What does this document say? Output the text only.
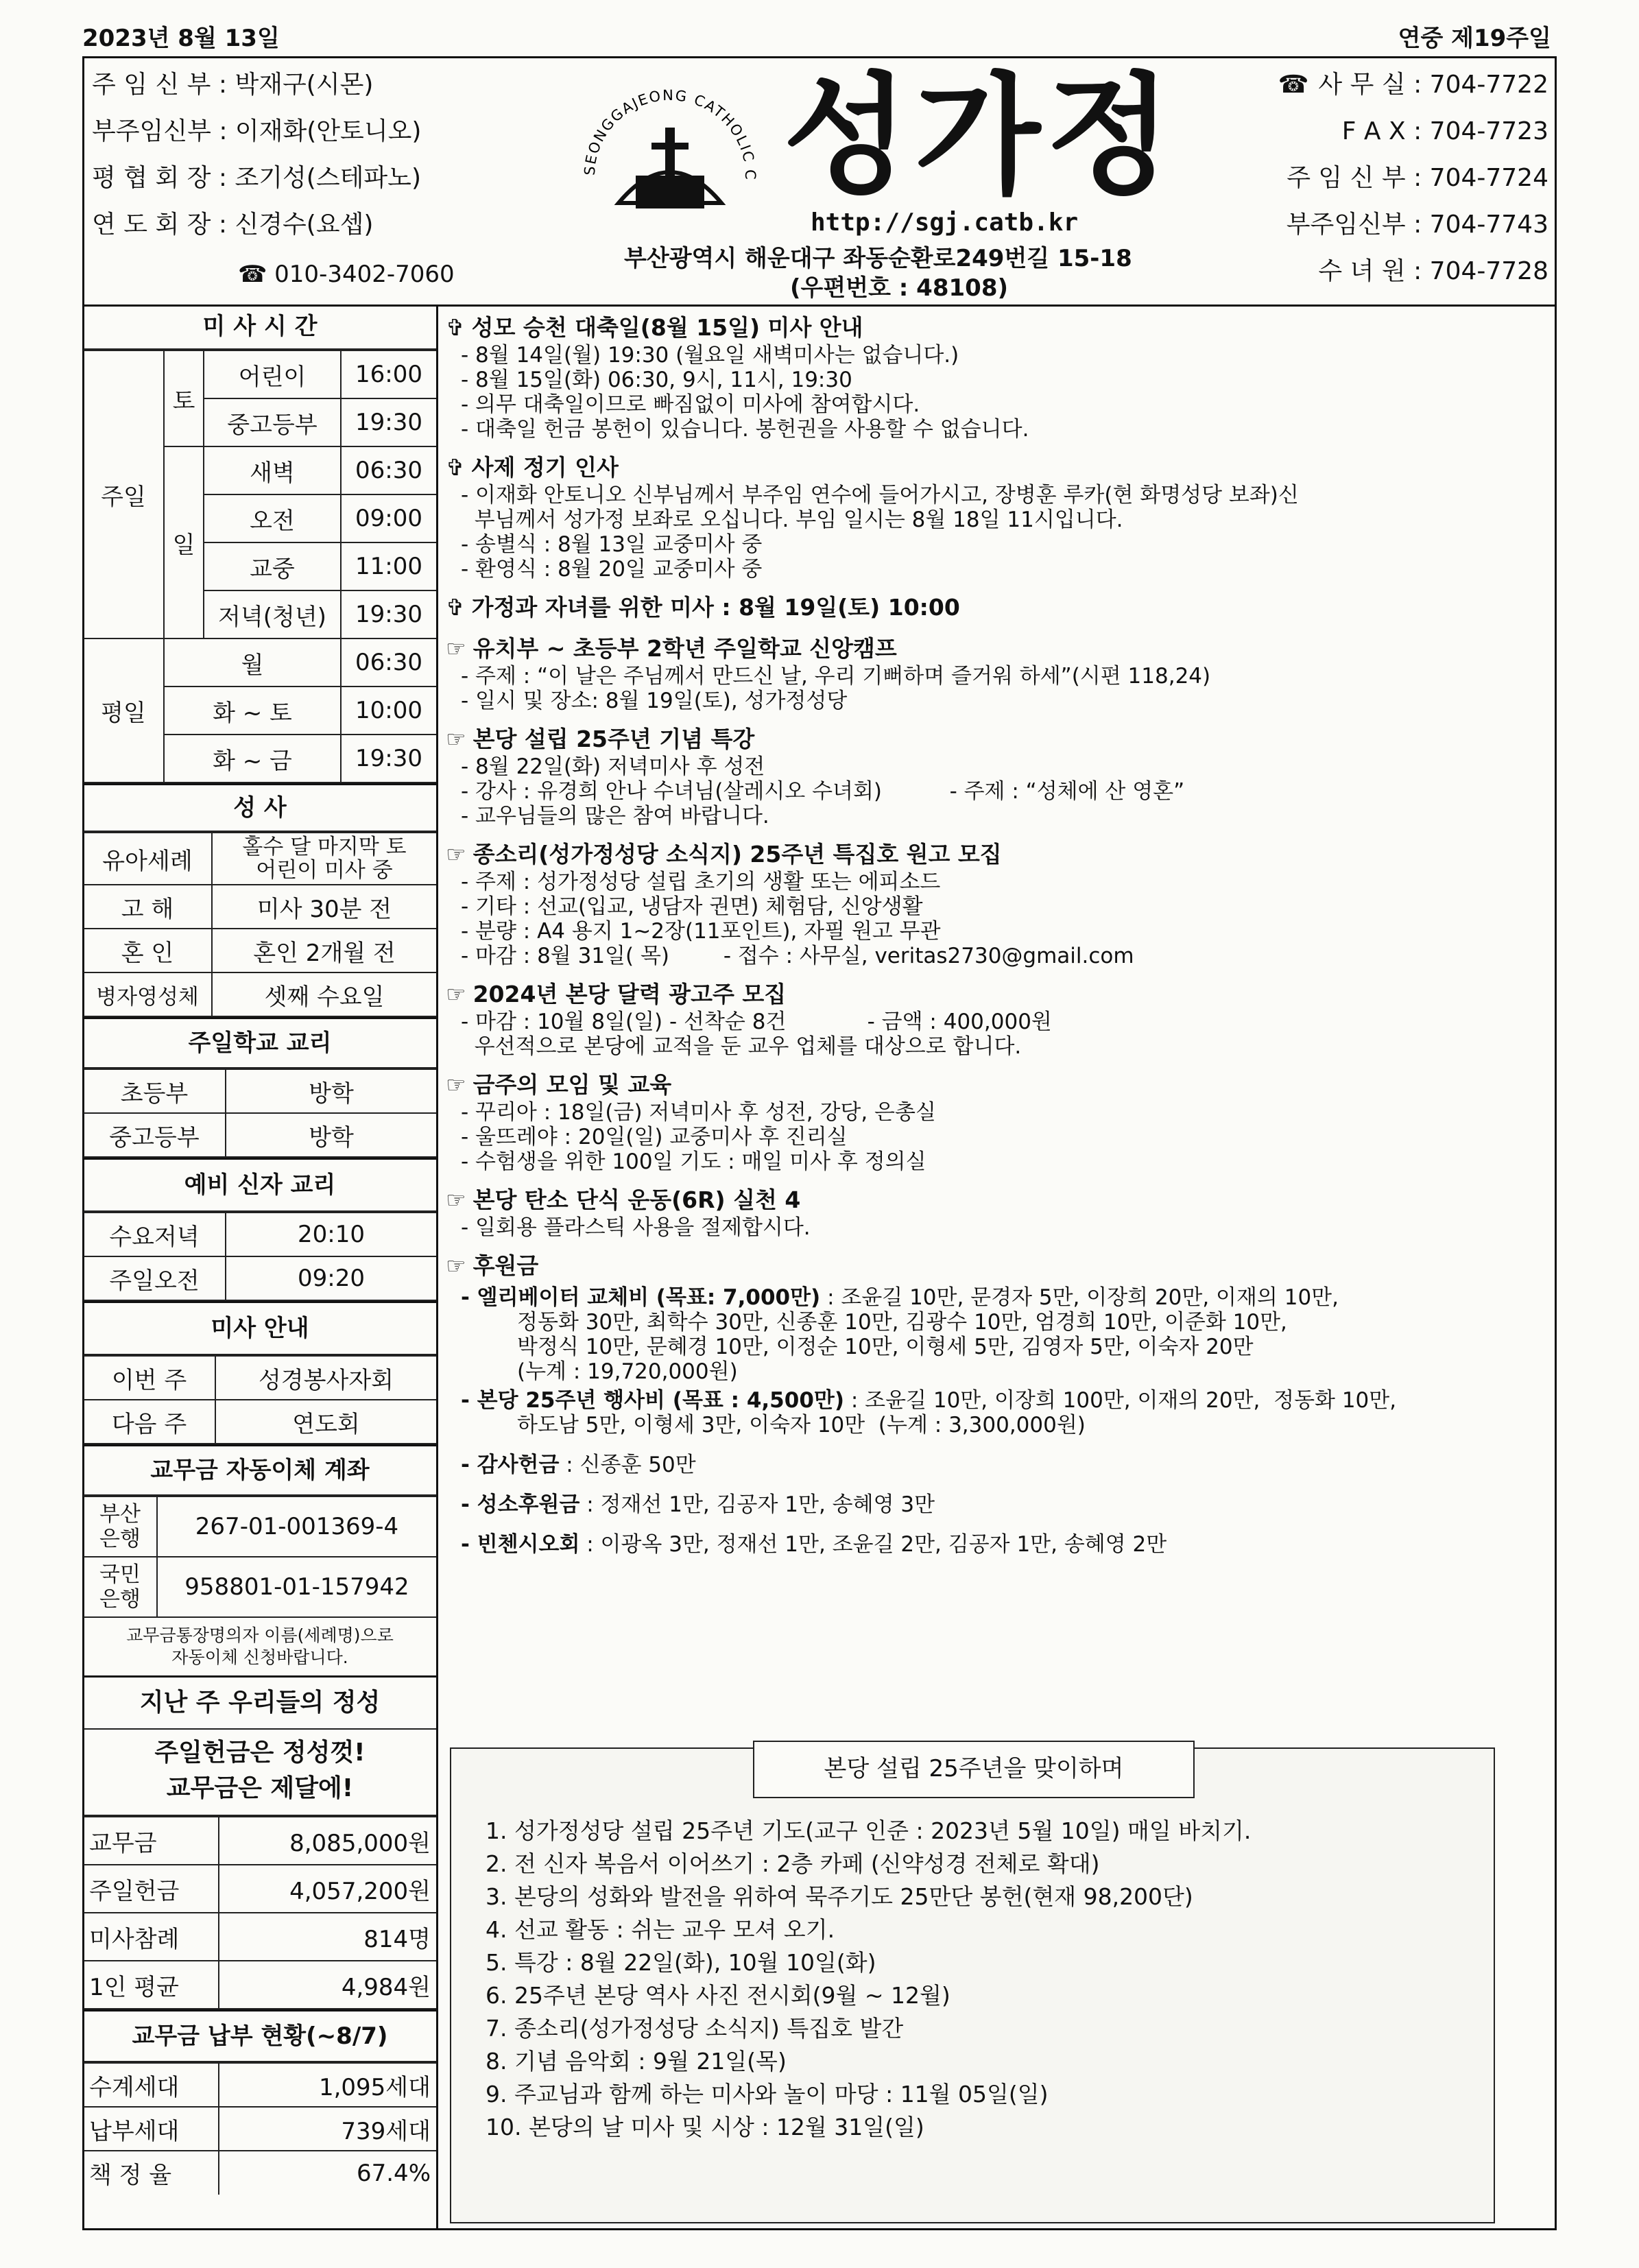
2023년 8월 13일	연중 제19주일
주 임 신 부 : 박재구(시몬)
부주임신부 : 이재화(안토니오)
평 협 회 장 : 조기성(스테파노)
연 도 회 장 : 신경수(요셉)
☎ 010-3402-7060
SEONGGAJEONG CATHOLIC C 성가정
http://sgj.catb.kr
부산광역시 해운대구 좌동순환로249번길 15-18
(우편번호 : 48108)
☎ 사 무 실 : 704-7722
F A X : 704-7723
주 임 신 부 : 704-7724
부주임신부 : 704-7743
수 녀 원 : 704-7728
미 사 시 간
주일	토	어린이	16:00
		중고등부	19:30
	일	새벽	06:30
		오전	09:00
		교중	11:00
		저녁(청년)	19:30
평일	월		06:30
	화 ~ 토		10:00
	화 ~ 금		19:30
성 사
유아세례	홀수 달 마지막 토
어린이 미사 중
고 해	미사 30분 전
혼 인	혼인 2개월 전
병자영성체	셋째 수요일
주일학교 교리
초등부	방학
중고등부	방학
예비 신자 교리
수요저녁	20:10
주일오전	09:20
미사 안내
이번 주	성경봉사자회
다음 주	연도회
교무금 자동이체 계좌
부산
은행	267-01-001369-4
국민
은행	958801-01-157942
교무금통장명의자 이름(세례명)으로
자동이체 신청바랍니다.
지난 주 우리들의 정성
주일헌금은 정성껏!
교무금은 제달에!
교무금	8,085,000원
주일헌금	4,057,200원
미사참례	814명
1인 평균	4,984원
교무금 납부 현황(~8/7)
수계세대	1,095세대
납부세대	739세대
책 정 율	67.4%
✞ 성모 승천 대축일(8월 15일) 미사 안내
- 8월 14일(월) 19:30 (월요일 새벽미사는 없습니다.)
- 8월 15일(화) 06:30, 9시, 11시, 19:30
- 의무 대축일이므로 빠짐없이 미사에 참여합시다.
- 대축일 헌금 봉헌이 있습니다. 봉헌권을 사용할 수 없습니다.
✞ 사제 정기 인사
- 이재화 안토니오 신부님께서 부주임 연수에 들어가시고, 장병훈 루카(현 화명성당 보좌)신
부님께서 성가정 보좌로 오십니다. 부임 일시는 8월 18일 11시입니다.
- 송별식 : 8월 13일 교중미사 중
- 환영식 : 8월 20일 교중미사 중
✞ 가정과 자녀를 위한 미사 : 8월 19일(토) 10:00
☞ 유치부 ~ 초등부 2학년 주일학교 신앙캠프
- 주제 : “이 날은 주님께서 만드신 날, 우리 기뻐하며 즐거워 하세”(시편 118,24)
- 일시 및 장소: 8월 19일(토), 성가정성당
☞ 본당 설립 25주년 기념 특강
- 8월 22일(화) 저녁미사 후 성전
- 강사 : 유경희 안나 수녀님(살레시오 수녀회)          - 주제 : “성체에 산 영혼”
- 교우님들의 많은 참여 바랍니다.
☞ 종소리(성가정성당 소식지) 25주년 특집호 원고 모집
- 주제 : 성가정성당 설립 초기의 생활 또는 에피소드
- 기타 : 선교(입교, 냉담자 권면) 체험담, 신앙생활
- 분량 : A4 용지 1~2장(11포인트), 자필 원고 무관
- 마감 : 8월 31일( 목)        - 접수 : 사무실, veritas2730@gmail.com
☞ 2024년 본당 달력 광고주 모집
- 마감 : 10월 8일(일) - 선착순 8건            - 금액 : 400,000원
우선적으로 본당에 교적을 둔 교우 업체를 대상으로 합니다.
☞ 금주의 모임 및 교육
- 꾸리아 : 18일(금) 저녁미사 후 성전, 강당, 은총실
- 울뜨레야 : 20일(일) 교중미사 후 진리실
- 수험생을 위한 100일 기도 : 매일 미사 후 정의실
☞ 본당 탄소 단식 운동(6R) 실천 4
- 일회용 플라스틱 사용을 절제합시다.
☞ 후원금
- 엘리베이터 교체비 (목표: 7,000만) : 조윤길 10만, 문경자 5만, 이장희 20만, 이재의 10만,
정동화 30만, 최학수 30만, 신종훈 10만, 김광수 10만, 엄경희 10만, 이준화 10만,
박정식 10만, 문혜경 10만, 이정순 10만, 이형세 5만, 김영자 5만, 이숙자 20만
(누계 : 19,720,000원)
- 본당 25주년 행사비 (목표 : 4,500만) : 조윤길 10만, 이장희 100만, 이재의 20만,  정동화 10만,
하도남 5만, 이형세 3만, 이숙자 10만  (누계 : 3,300,000원)
- 감사헌금 : 신종훈 50만
- 성소후원금 : 정재선 1만, 김공자 1만, 송혜영 3만
- 빈첸시오회 : 이광옥 3만, 정재선 1만, 조윤길 2만, 김공자 1만, 송혜영 2만
본당 설립 25주년을 맞이하며
1. 성가정성당 설립 25주년 기도(교구 인준 : 2023년 5월 10일) 매일 바치기.
2. 전 신자 복음서 이어쓰기 : 2층 카페 (신약성경 전체로 확대)
3. 본당의 성화와 발전을 위하여 묵주기도 25만단 봉헌(현재 98,200단)
4. 선교 활동 : 쉬는 교우 모셔 오기.
5. 특강 : 8월 22일(화), 10월 10일(화)
6. 25주년 본당 역사 사진 전시회(9월 ~ 12월)
7. 종소리(성가정성당 소식지) 특집호 발간
8. 기념 음악회 : 9월 21일(목)
9. 주교님과 함께 하는 미사와 놀이 마당 : 11월 05일(일)
10. 본당의 날 미사 및 시상 : 12월 31일(일)
